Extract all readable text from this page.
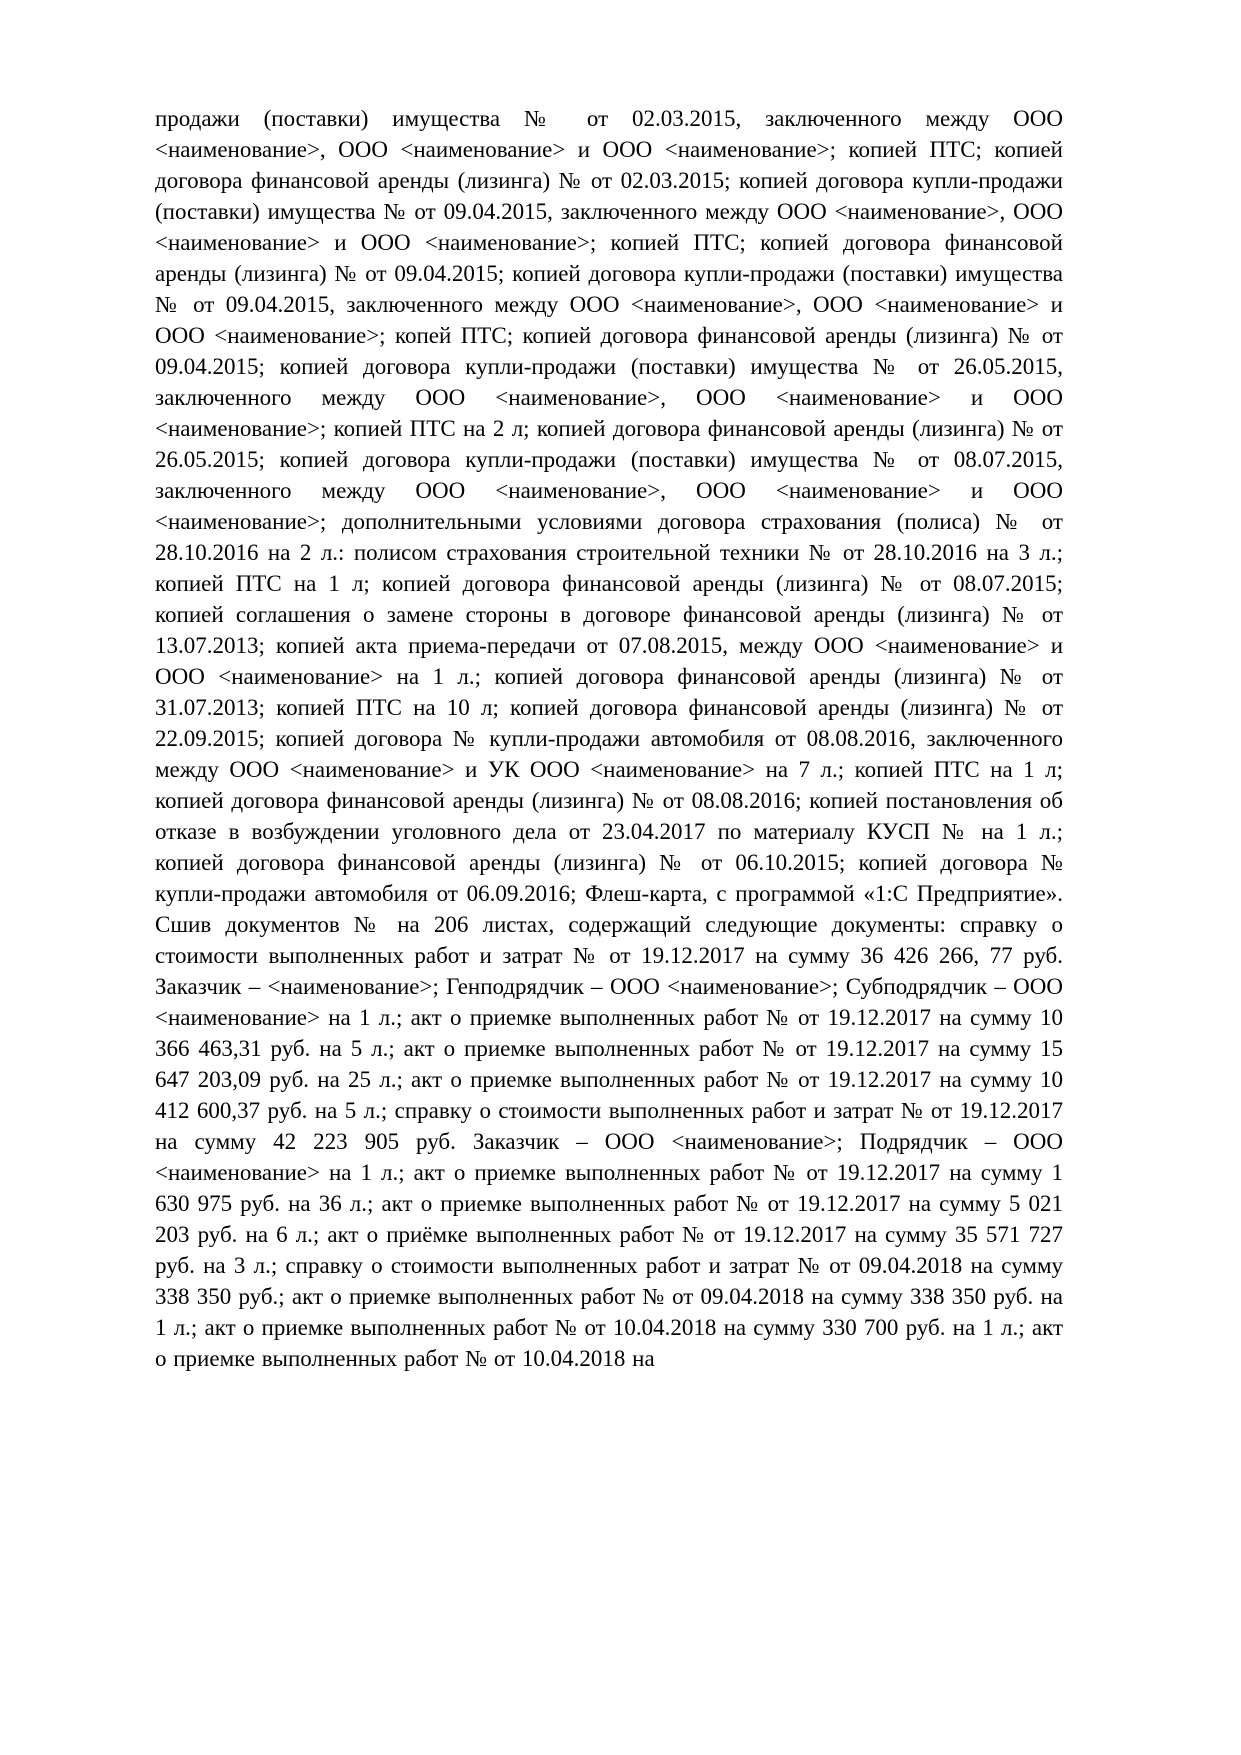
продажи (поставки) имущества № от 02.03.2015, заключенного между ООО <наименование>, ООО <наименование> и ООО <наименование>; копией ПТС; копией договора финансовой аренды (лизинга) № от 02.03.2015; копией договора купли-продажи (поставки) имущества № от 09.04.2015, заключенного между ООО <наименование>, ООО <наименование> и ООО <наименование>; копией ПТС; копией договора финансовой аренды (лизинга) № от 09.04.2015; копией договора купли-продажи (поставки) имущества № от 09.04.2015, заключенного между ООО <наименование>, ООО <наименование> и ООО <наименование>; копей ПТС; копией договора финансовой аренды (лизинга) № от 09.04.2015; копией договора купли-продажи (поставки) имущества № от 26.05.2015, заключенного между ООО <наименование>, ООО <наименование> и ООО <наименование>; копией ПТС на 2 л; копией договора финансовой аренды (лизинга) № от 26.05.2015; копией договора купли-продажи (поставки) имущества № от 08.07.2015, заключенного между ООО <наименование>, ООО <наименование> и ООО <наименование>; дополнительными условиями договора страхования (полиса) № от 28.10.2016 на 2 л.: полисом страхования строительной техники № от 28.10.2016 на 3 л.; копией ПТС на 1 л; копией договора финансовой аренды (лизинга) № от 08.07.2015; копией соглашения о замене стороны в договоре финансовой аренды (лизинга) № от 13.07.2013; копией акта приема-передачи от 07.08.2015, между ООО <наименование> и ООО <наименование> на 1 л.; копией договора финансовой аренды (лизинга) № от 31.07.2013; копией ПТС на 10 л; копией договора финансовой аренды (лизинга) № от 22.09.2015; копией договора № купли-продажи автомобиля от 08.08.2016, заключенного между ООО <наименование> и УК ООО <наименование> на 7 л.; копией ПТС на 1 л; копией договора финансовой аренды (лизинга) № от 08.08.2016; копией постановления об отказе в возбуждении уголовного дела от 23.04.2017 по материалу КУСП № на 1 л.; копией договора финансовой аренды (лизинга) № от 06.10.2015; копией договора № купли-продажи автомобиля от 06.09.2016; Флеш-карта, с программой «1:С Предприятие». Сшив документов № на 206 листах, содержащий следующие документы: справку о стоимости выполненных работ и затрат № от 19.12.2017 на сумму 36 426 266, 77 руб. Заказчик – <наименование>; Генподрядчик – ООО <наименование>; Субподрядчик – ООО <наименование> на 1 л.; акт о приемке выполненных работ № от 19.12.2017 на сумму 10 366 463,31 руб. на 5 л.; акт о приемке выполненных работ № от 19.12.2017 на сумму 15 647 203,09 руб. на 25 л.; акт о приемке выполненных работ № от 19.12.2017 на сумму 10 412 600,37 руб. на 5 л.; справку о стоимости выполненных работ и затрат № от 19.12.2017 на сумму 42 223 905 руб. Заказчик – ООО <наименование>; Подрядчик – ООО <наименование> на 1 л.; акт о приемке выполненных работ № от 19.12.2017 на сумму 1 630 975 руб. на 36 л.; акт о приемке выполненных работ № от 19.12.2017 на сумму 5 021 203 руб. на 6 л.; акт о приёмке выполненных работ № от 19.12.2017 на сумму 35 571 727 руб. на 3 л.; справку о стоимости выполненных работ и затрат № от 09.04.2018 на сумму 338 350 руб.; акт о приемке выполненных работ № от 09.04.2018 на сумму 338 350 руб. на 1 л.; акт о приемке выполненных работ № от 10.04.2018 на сумму 330 700 руб. на 1 л.; акт о приемке выполненных работ № от 10.04.2018 на
